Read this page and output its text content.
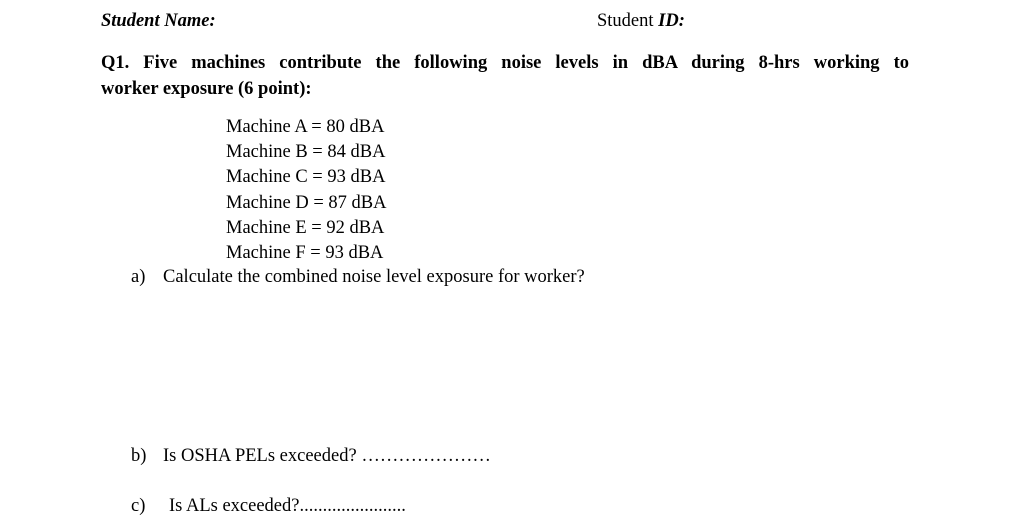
Student Name:	Student ID:
Q1. Five machines contribute the following noise levels in dBA during 8-hrs working to
worker exposure (6 point):
Machine A = 80 dBA
Machine B = 84 dBA
Machine C = 93 dBA
Machine D = 87 dBA
Machine E = 92 dBA
Machine F = 93 dBA
a) Calculate the combined noise level exposure for worker?
b) Is OSHA PELs exceeded? …………………
c) Is ALs exceeded?.......................
